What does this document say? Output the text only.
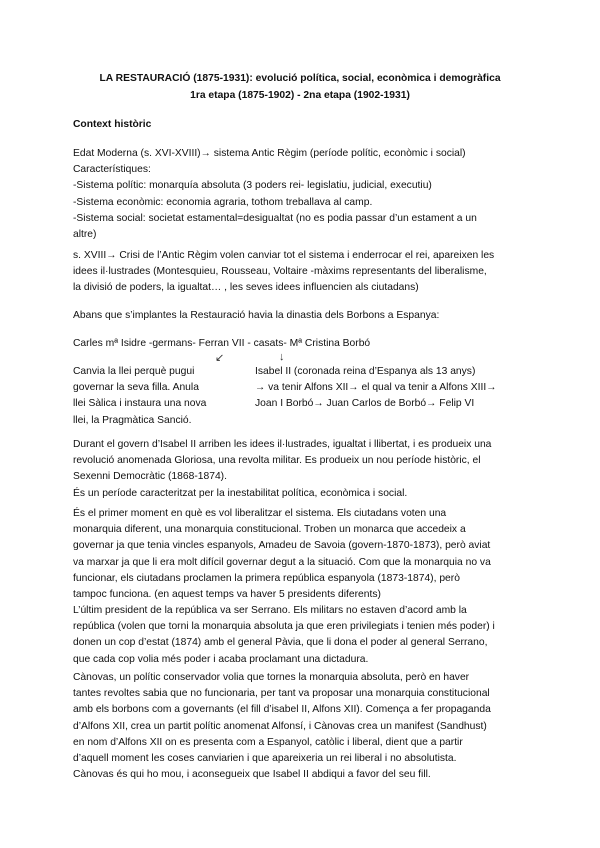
LA RESTAURACIÓ (1875-1931): evolució política, social, econòmica i demogràfica
1ra etapa (1875-1902) - 2na etapa (1902-1931)
Context històric
Edat Moderna (s. XVI-XVIII)→ sistema Antic Règim (període polític, econòmic i social)
Característiques:
-Sistema polític: monarquía absoluta (3 poders rei- legislatiu, judicial, executiu)
-Sistema econòmic: economia agraria, tothom treballava al camp.
-Sistema social: societat estamental=desigualtat (no es podia passar d’un estament a un
altre)
s. XVIII→ Crisi de l’Antic Règim volen canviar tot el sistema i enderrocar el rei, apareixen les
idees il·lustrades (Montesquieu, Rousseau, Voltaire -màxims representants del liberalisme,
la divisió de poders, la igualtat… , les seves idees influencien als ciutadans)
Abans que s’implantes la Restauració havia la dinastia dels Borbons a Espanya:
Carles mª Isidre -germans- Ferran VII - casats- Mª Cristina Borbó
↙	↓
Canvia la llei perquè pugui
governar la seva filla. Anula
llei Sàlica i instaura una nova
llei, la Pragmàtica Sanció.
Isabel II (coronada reina d’Espanya als 13 anys)
→ va tenir Alfons XII→ el qual va tenir a Alfons XIII→
Joan I Borbó→ Juan Carlos de Borbó→ Felip VI
Durant el govern d’Isabel II arriben les idees il·lustrades, igualtat i llibertat, i es produeix una
revolució anomenada Gloriosa, una revolta militar. Es produeix un nou període històric, el
Sexenni Democràtic (1868-1874).
És un període caracteritzat per la inestabilitat política, econòmica i social.
És el primer moment en què es vol liberalitzar el sistema. Els ciutadans voten una
monarquia diferent, una monarquia constitucional. Troben un monarca que accedeix a
governar ja que tenia vincles espanyols, Amadeu de Savoia (govern-1870-1873), però aviat
va marxar ja que li era molt difícil governar degut a la situació. Com que la monarquia no va
funcionar, els ciutadans proclamen la primera república espanyola (1873-1874), però
tampoc funciona. (en aquest temps va haver 5 presidents diferents)
L’últim president de la república va ser Serrano. Els militars no estaven d’acord amb la
república (volen que torni la monarquia absoluta ja que eren privilegiats i tenien més poder) i
donen un cop d’estat (1874) amb el general Pàvia, que li dona el poder al general Serrano,
que cada cop volia més poder i acaba proclamant una dictadura.
Cànovas, un polític conservador volia que tornes la monarquia absoluta, però en haver
tantes revoltes sabia que no funcionaria, per tant va proposar una monarquia constitucional
amb els borbons com a governants (el fill d’isabel II, Alfons XII). Comença a fer propaganda
d’Alfons XII, crea un partit polític anomenat Alfonsí, i Cànovas crea un manifest (Sandhust)
en nom d’Alfons XII on es presenta com a Espanyol, catòlic i liberal, dient que a partir
d’aquell moment les coses canviarien i que apareixeria un rei liberal i no absolutista.
Cànovas és qui ho mou, i aconsegueix que Isabel II abdiqui a favor del seu fill.
